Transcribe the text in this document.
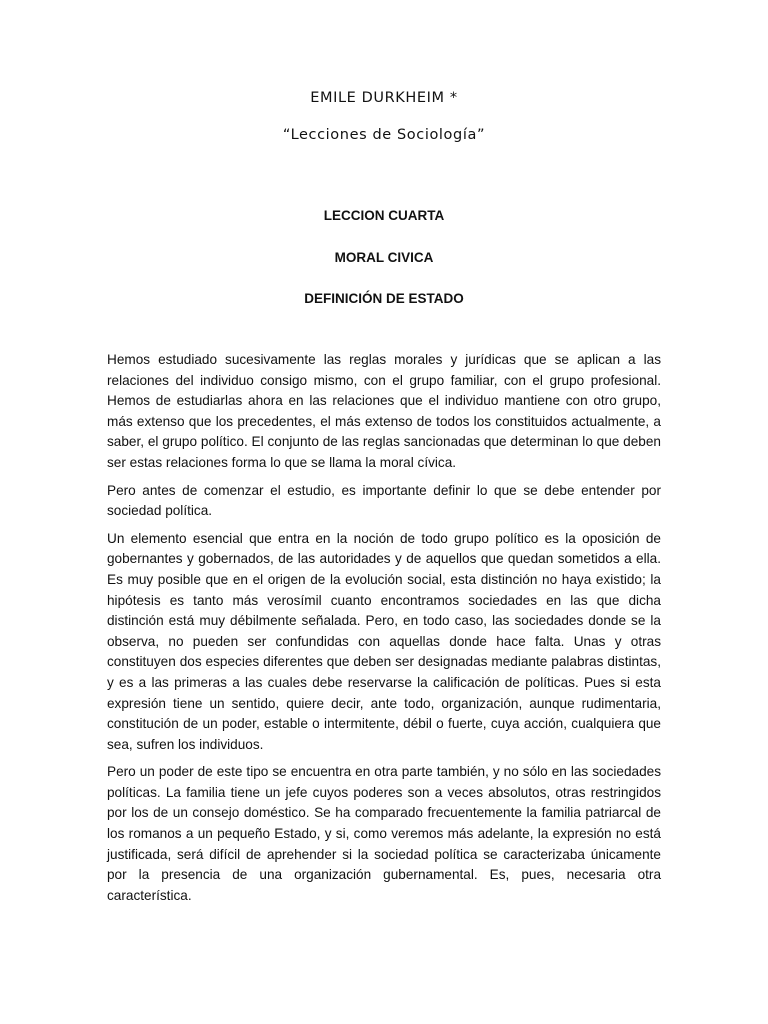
EMILE DURKHEIM *

“Lecciones de Sociología”

LECCION CUARTA

MORAL CIVICA

DEFINICIÓN DE ESTADO

Hemos estudiado sucesivamente las reglas morales y jurídicas que se aplican a las relaciones del individuo consigo mismo, con el grupo familiar, con el grupo profesional. Hemos de estudiarlas ahora en las relaciones que el individuo mantiene con otro grupo, más extenso que los precedentes, el más extenso de todos los constituidos actualmente, a saber, el grupo político. El conjunto de las reglas sancionadas que determinan lo que deben ser estas relaciones forma lo que se llama la moral cívica.

Pero antes de comenzar el estudio, es importante definir lo que se debe entender por sociedad política.

Un elemento esencial que entra en la noción de todo grupo político es la oposición de gobernantes y gobernados, de las autoridades y de aquellos que quedan sometidos a ella. Es muy posible que en el origen de la evolución social, esta distinción no haya existido; la hipótesis es tanto más verosímil cuanto encontramos sociedades en las que dicha distinción está muy débilmente señalada. Pero, en todo caso, las sociedades donde se la observa, no pueden ser confundidas con aquellas donde hace falta. Unas y otras constituyen dos especies diferentes que deben ser designadas mediante palabras distintas, y es a las primeras a las cuales debe reservarse la calificación de políticas. Pues si esta expresión tiene un sentido, quiere decir, ante todo, organización, aunque rudimentaria, constitución de un poder, estable o intermitente, débil o fuerte, cuya acción, cualquiera que sea, sufren los individuos.

Pero un poder de este tipo se encuentra en otra parte también, y no sólo en las sociedades políticas. La familia tiene un jefe cuyos poderes son a veces absolutos, otras restringidos por los de un consejo doméstico. Se ha comparado frecuentemente la familia patriarcal de los romanos a un pequeño Estado, y si, como veremos más adelante, la expresión no está justificada, será difícil de aprehender si la sociedad política se caracterizaba únicamente por la presencia de una organización gubernamental. Es, pues, necesaria otra característica.
